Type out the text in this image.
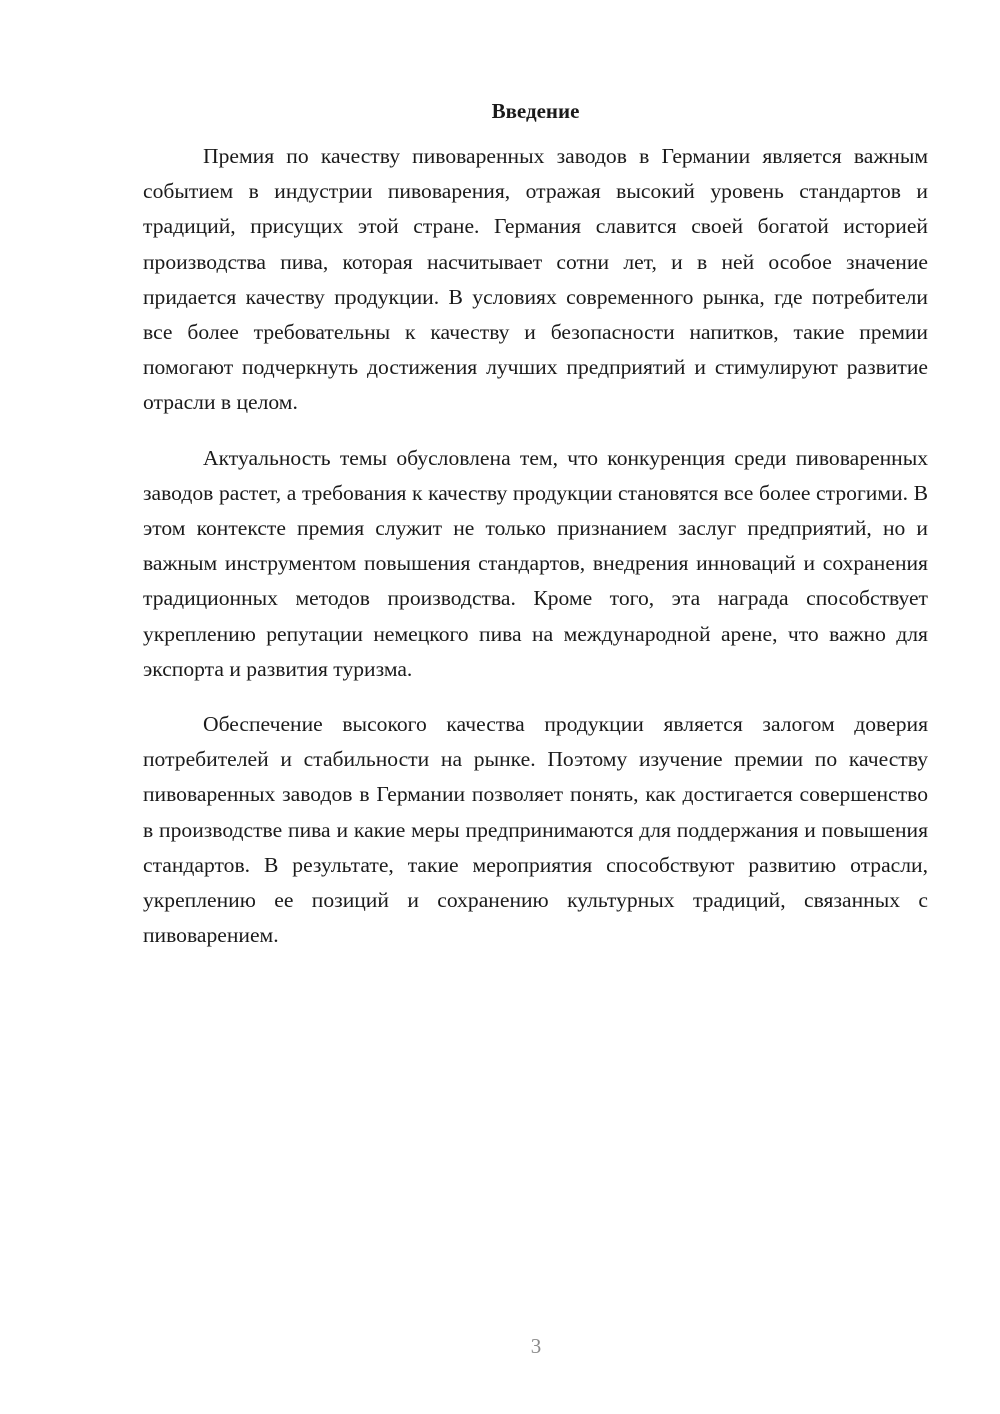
Введение

Премия по качеству пивоваренных заводов в Германии является важным событием в индустрии пивоварения, отражая высокий уровень стандартов и традиций, присущих этой стране. Германия славится своей богатой историей производства пива, которая насчитывает сотни лет, и в ней особое значение придается качеству продукции. В условиях современного рынка, где потребители все более требовательны к качеству и безопасности напитков, такие премии помогают подчеркнуть достижения лучших предприятий и стимулируют развитие отрасли в целом.

Актуальность темы обусловлена тем, что конкуренция среди пивоваренных заводов растет, а требования к качеству продукции становятся все более строгими. В этом контексте премия служит не только признанием заслуг предприятий, но и важным инструментом повышения стандартов, внедрения инноваций и сохранения традиционных методов производства. Кроме того, эта награда способствует укреплению репутации немецкого пива на международной арене, что важно для экспорта и развития туризма.

Обеспечение высокого качества продукции является залогом доверия потребителей и стабильности на рынке. Поэтому изучение премии по качеству пивоваренных заводов в Германии позволяет понять, как достигается совершенство в производстве пива и какие меры предпринимаются для поддержания и повышения стандартов. В результате, такие мероприятия способствуют развитию отрасли, укреплению ее позиций и сохранению культурных традиций, связанных с пивоварением.

3
